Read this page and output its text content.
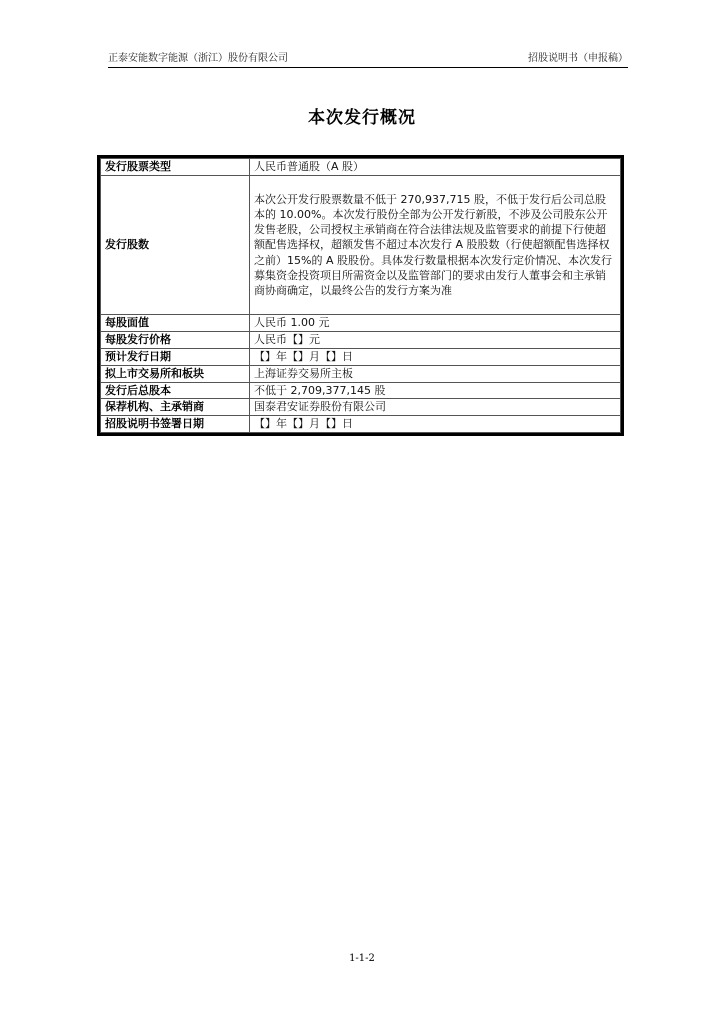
正泰安能数字能源（浙江）股份有限公司	招股说明书（申报稿）
本次发行概况
发行股票类型	人民币普通股（A 股）
发行股数	本次公开发行股票数量不低于 270,937,715 股，不低于发行后公司总股本的 10.00%。本次发行股份全部为公开发行新股，不涉及公司股东公开发售老股，公司授权主承销商在符合法律法规及监管要求的前提下行使超额配售选择权，超额发售不超过本次发行 A 股股数（行使超额配售选择权之前）15%的 A 股股份。具体发行数量根据本次发行定价情况、本次发行募集资金投资项目所需资金以及监管部门的要求由发行人董事会和主承销商协商确定，以最终公告的发行方案为准
每股面值	人民币 1.00 元
每股发行价格	人民币【】元
预计发行日期	【】年【】月【】日
拟上市交易所和板块	上海证券交易所主板
发行后总股本	不低于 2,709,377,145 股
保荐机构、主承销商	国泰君安证券股份有限公司
招股说明书签署日期	【】年【】月【】日
1-1-2
